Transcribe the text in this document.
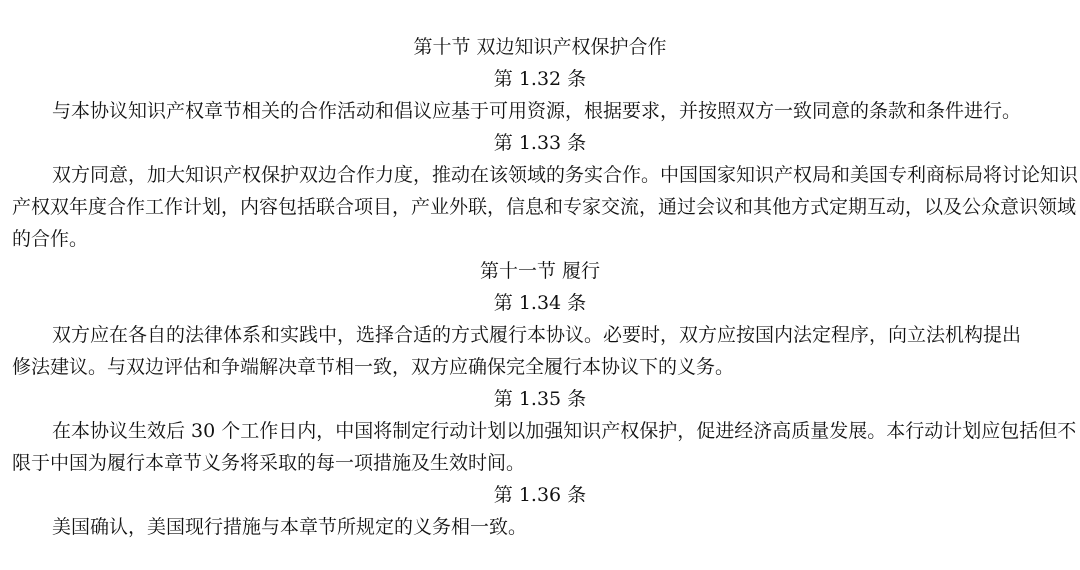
第十节 双边知识产权保护合作
第 1.32 条
与本协议知识产权章节相关的合作活动和倡议应基于可用资源，根据要求，并按照双方一致同意的条款和条件进行。
第 1.33 条
双方同意，加大知识产权保护双边合作力度，推动在该领域的务实合作。中国国家知识产权局和美国专利商标局将讨论知识
产权双年度合作工作计划，内容包括联合项目，产业外联，信息和专家交流，通过会议和其他方式定期互动，以及公众意识领域
的合作。
第十一节 履行
第 1.34 条
双方应在各自的法律体系和实践中，选择合适的方式履行本协议。必要时，双方应按国内法定程序，向立法机构提出
修法建议。与双边评估和争端解决章节相一致，双方应确保完全履行本协议下的义务。
第 1.35 条
在本协议生效后 30 个工作日内，中国将制定行动计划以加强知识产权保护，促进经济高质量发展。本行动计划应包括但不
限于中国为履行本章节义务将采取的每一项措施及生效时间。
第 1.36 条
美国确认，美国现行措施与本章节所规定的义务相一致。
